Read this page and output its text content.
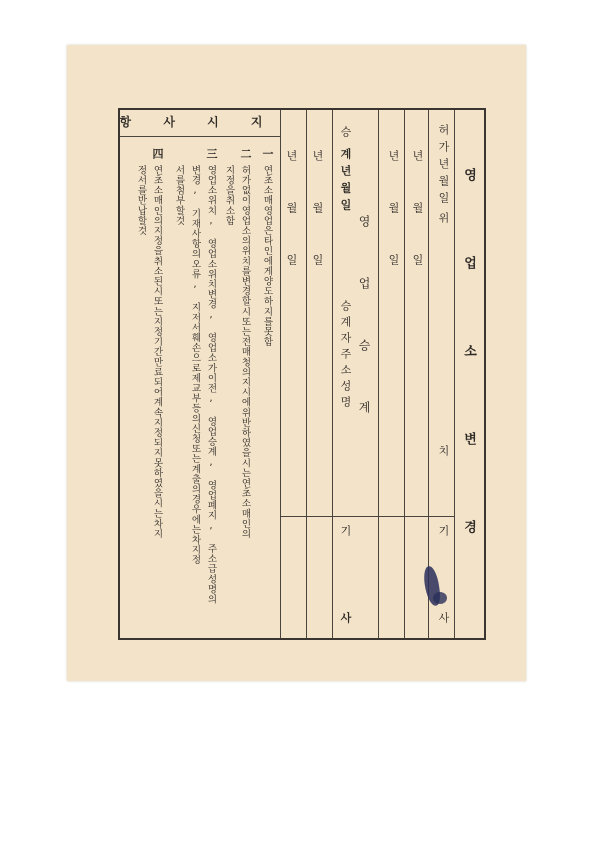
항 사 시 지
一
연초소매영업은타인에게양도하지를못함
二
허가없이영업소의위치를변경할시또는전매청의지시에위반하였을시는연초소매인의
지정을취소함
三
영업소위치, 영업소위치변경, 영업소가이전, 영업승계, 영업폐지, 주소급성명의
변경, 기재사항의오류, 지저서훼손으로제교부등의신청또는계출의경우에는차지정
서를첨부할것
四
연초소매인의지정을취소된시또는지정기간만료되어계속지정되지못하였을시는차지
정서를반납할것	년 월 일 년 월 일
승
계년월일
영 업 승 계
승계자주소성명
기
사
년 월 일 년 월 일 허가년월일
위
치
기
사
영 업 소 변 경
